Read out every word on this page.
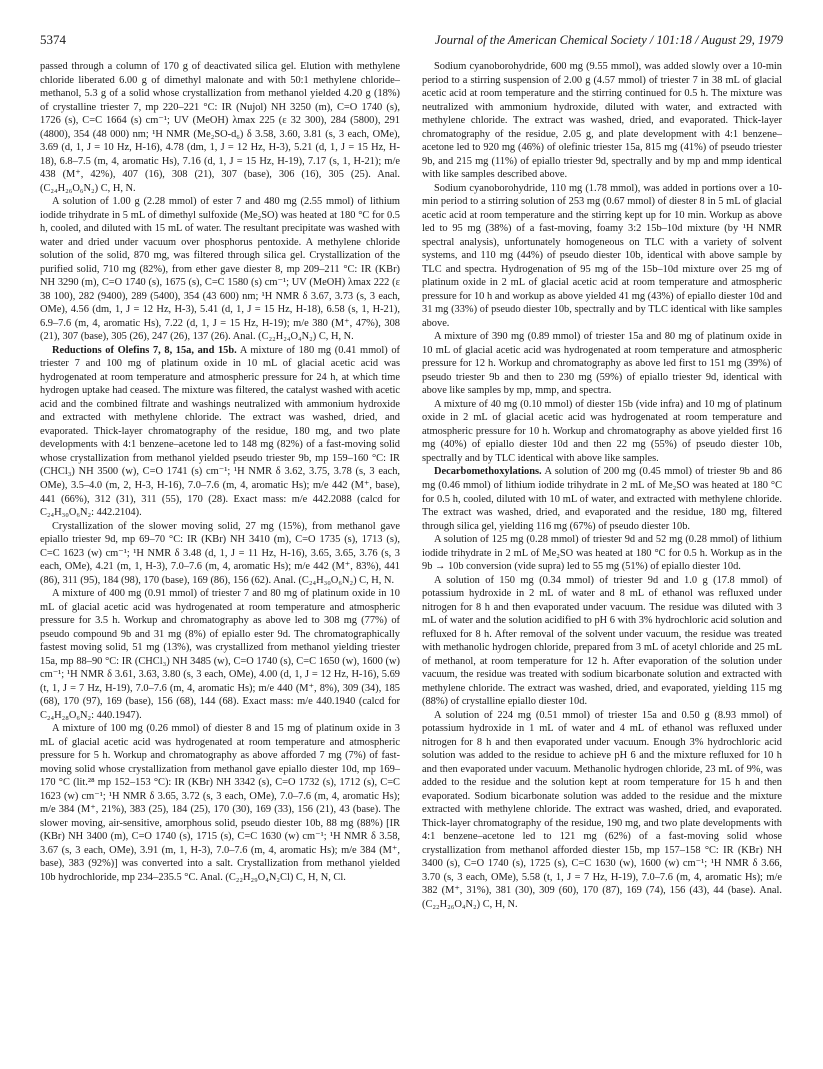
5374	Journal of the American Chemical Society / 101:18 / August 29, 1979

passed through a column of 170 g of deactivated silica gel. Elution with methylene chloride liberated 6.00 g of dimethyl malonate and with 50:1 methylene chloride–methanol, 5.3 g of a solid whose crystallization from methanol yielded 4.20 g (18%) of crystalline triester 7, mp 220–221 °C: IR (Nujol) NH 3250 (m), C=O 1740 (s), 1726 (s), C=C 1664 (s) cm⁻¹; UV (MeOH) λmax 225 (ε 32 300), 284 (5800), 291 (4800), 354 (48 000) nm; ¹H NMR (Me₂SO-d₆) δ 3.58, 3.60, 3.81 (s, 3 each, OMe), 3.69 (d, 1, J = 10 Hz, H-16), 4.78 (dm, 1, J = 12 Hz, H-3), 5.21 (d, 1, J = 15 Hz, H-18), 6.8–7.5 (m, 4, aromatic Hs), 7.16 (d, 1, J = 15 Hz, H-19), 7.17 (s, 1, H-21); m/e 438 (M⁺, 42%), 407 (16), 308 (21), 307 (base), 306 (16), 305 (25). Anal. (C₂₄H₂₆O₆N₂) C, H, N.

A solution of 1.00 g (2.28 mmol) of ester 7 and 480 mg (2.55 mmol) of lithium iodide trihydrate in 5 mL of dimethyl sulfoxide (Me₂SO) was heated at 180 °C for 0.5 h, cooled, and diluted with 15 mL of water. The resultant precipitate was washed with water and dried under vacuum over phosphorus pentoxide. A methylene chloride solution of the solid, 870 mg, was filtered through silica gel. Crystallization of the purified solid, 710 mg (82%), from ether gave diester 8, mp 209–211 °C: IR (KBr) NH 3290 (m), C=O 1740 (s), 1675 (s), C=C 1580 (s) cm⁻¹; UV (MeOH) λmax 222 (ε 38 100), 282 (9400), 289 (5400), 354 (43 600) nm; ¹H NMR δ 3.67, 3.73 (s, 3 each, OMe), 4.56 (dm, 1, J = 12 Hz, H-3), 5.41 (d, 1, J = 15 Hz, H-18), 6.58 (s, 1, H-21), 6.9–7.6 (m, 4, aromatic Hs), 7.22 (d, 1, J = 15 Hz, H-19); m/e 380 (M⁺, 47%), 308 (21), 307 (base), 305 (26), 247 (26), 137 (26). Anal. (C₂₂H₂₄O₄N₂) C, H, N.

Reductions of Olefins 7, 8, 15a, and 15b. A mixture of 180 mg (0.41 mmol) of triester 7 and 100 mg of platinum oxide in 10 mL of glacial acetic acid was hydrogenated at room temperature and atmospheric pressure for 24 h, at which time hydrogen uptake had ceased. The mixture was filtered, the catalyst washed with acetic acid and the combined filtrate and washings neutralized with ammonium hydroxide and extracted with methylene chloride. The extract was washed, dried, and evaporated. Thick-layer chromatography of the residue, 180 mg, and two plate developments with 4:1 benzene–acetone led to 148 mg (82%) of a fast-moving solid whose crystallization from methanol yielded pseudo triester 9b, mp 159–160 °C: IR (CHCl₃) NH 3500 (w), C=O 1741 (s) cm⁻¹; ¹H NMR δ 3.62, 3.75, 3.78 (s, 3 each, OMe), 3.5–4.0 (m, 2, H-3, H-16), 7.0–7.6 (m, 4, aromatic Hs); m/e 442 (M⁺, base), 441 (66%), 312 (31), 311 (55), 170 (28). Exact mass: m/e 442.2088 (calcd for C₂₄H₃₀O₆N₂: 442.2104).

Crystallization of the slower moving solid, 27 mg (15%), from methanol gave epiallo triester 9d, mp 69–70 °C: IR (KBr) NH 3410 (m), C=O 1735 (s), 1713 (s), C=C 1623 (w) cm⁻¹; ¹H NMR δ 3.48 (d, 1, J = 11 Hz, H-16), 3.65, 3.65, 3.76 (s, 3 each, OMe), 4.21 (m, 1, H-3), 7.0–7.6 (m, 4, aromatic Hs); m/e 442 (M⁺, 83%), 441 (86), 311 (95), 184 (98), 170 (base), 169 (86), 156 (62). Anal. (C₂₄H₃₀O₆N₂) C, H, N.

A mixture of 400 mg (0.91 mmol) of triester 7 and 80 mg of platinum oxide in 10 mL of glacial acetic acid was hydrogenated at room temperature and atmospheric pressure for 3.5 h. Workup and chromatography as above led to 308 mg (77%) of pseudo compound 9b and 31 mg (8%) of epiallo ester 9d. The chromatographically fastest moving solid, 51 mg (13%), was crystallized from methanol yielding triester 15a, mp 88–90 °C: IR (CHCl₃) NH 3485 (w), C=O 1740 (s), C=C 1650 (w), 1600 (w) cm⁻¹; ¹H NMR δ 3.61, 3.63, 3.80 (s, 3 each, OMe), 4.00 (d, 1, J = 12 Hz, H-16), 5.69 (t, 1, J = 7 Hz, H-19), 7.0–7.6 (m, 4, aromatic Hs); m/e 440 (M⁺, 8%), 309 (34), 185 (68), 170 (97), 169 (base), 156 (68), 144 (68). Exact mass: m/e 440.1940 (calcd for C₂₄H₂₈O₆N₂: 440.1947).

A mixture of 100 mg (0.26 mmol) of diester 8 and 15 mg of platinum oxide in 3 mL of glacial acetic acid was hydrogenated at room temperature and atmospheric pressure for 5 h. Workup and chromatography as above afforded 7 mg (7%) of fast-moving solid whose crystallization from methanol gave epiallo diester 10d, mp 169–170 °C (lit.²⁸ mp 152–153 °C): IR (KBr) NH 3342 (s), C=O 1732 (s), 1712 (s), C=C 1623 (w) cm⁻¹; ¹H NMR δ 3.65, 3.72 (s, 3 each, OMe), 7.0–7.6 (m, 4, aromatic Hs); m/e 384 (M⁺, 21%), 383 (25), 184 (25), 170 (30), 169 (33), 156 (21), 43 (base). The slower moving, air-sensitive, amorphous solid, pseudo diester 10b, 88 mg (88%) [IR (KBr) NH 3400 (m), C=O 1740 (s), 1715 (s), C=C 1630 (w) cm⁻¹; ¹H NMR δ 3.58, 3.67 (s, 3 each, OMe), 3.91 (m, 1, H-3), 7.0–7.6 (m, 4, aromatic Hs); m/e 384 (M⁺, base), 383 (92%)] was converted into a salt. Crystallization from methanol yielded 10b hydrochloride, mp 234–235.5 °C. Anal. (C₂₂H₂₉O₄N₂Cl) C, H, N, Cl.

Sodium cyanoborohydride, 600 mg (9.55 mmol), was added slowly over a 10-min period to a stirring suspension of 2.00 g (4.57 mmol) of triester 7 in 38 mL of glacial acetic acid at room temperature and the stirring continued for 0.5 h. The mixture was neutralized with ammonium hydroxide, diluted with water, and extracted with methylene chloride. The extract was washed, dried, and evaporated. Thick-layer chromatography of the residue, 2.05 g, and plate development with 4:1 benzene–acetone led to 920 mg (46%) of olefinic triester 15a, 815 mg (41%) of pseudo triester 9b, and 215 mg (11%) of epiallo triester 9d, spectrally and by mp and mmp identical with like samples described above.

Sodium cyanoborohydride, 110 mg (1.78 mmol), was added in portions over a 10-min period to a stirring solution of 253 mg (0.67 mmol) of diester 8 in 5 mL of glacial acetic acid at room temperature and the stirring kept up for 10 min. Workup as above led to 95 mg (38%) of a fast-moving, foamy 3:2 15b–10d mixture (by ¹H NMR spectral analysis), unfortunately homogeneous on TLC with a variety of solvent systems, and 110 mg (44%) of pseudo diester 10b, identical with above sample by TLC and spectra. Hydrogenation of 95 mg of the 15b–10d mixture over 25 mg of platinum oxide in 2 mL of glacial acetic acid at room temperature and atmospheric pressure for 10 h and workup as above yielded 41 mg (43%) of epiallo diester 10d and 31 mg (33%) of pseudo diester 10b, spectrally and by TLC identical with like samples above.

A mixture of 390 mg (0.89 mmol) of triester 15a and 80 mg of platinum oxide in 10 mL of glacial acetic acid was hydrogenated at room temperature and atmospheric pressure for 12 h. Workup and chromatography as above led first to 151 mg (39%) of pseudo triester 9b and then to 230 mg (59%) of epiallo triester 9d, identical with above like samples by mp, mmp, and spectra.

A mixture of 40 mg (0.10 mmol) of diester 15b (vide infra) and 10 mg of platinum oxide in 2 mL of glacial acetic acid was hydrogenated at room temperature and atmospheric pressure for 10 h. Workup and chromatography as above yielded first 16 mg (40%) of epiallo diester 10d and then 22 mg (55%) of pseudo diester 10b, spectrally and by TLC identical with above like samples.

Decarbomethoxylations. A solution of 200 mg (0.45 mmol) of triester 9b and 86 mg (0.46 mmol) of lithium iodide trihydrate in 2 mL of Me₂SO was heated at 180 °C for 0.5 h, cooled, diluted with 10 mL of water, and extracted with methylene chloride. The extract was washed, dried, and evaporated and the residue, 180 mg, filtered through silica gel, yielding 116 mg (67%) of pseudo diester 10b.

A solution of 125 mg (0.28 mmol) of triester 9d and 52 mg (0.28 mmol) of lithium iodide trihydrate in 2 mL of Me₂SO was heated at 180 °C for 0.5 h. Workup as in the 9b → 10b conversion (vide supra) led to 55 mg (51%) of epiallo diester 10d.

A solution of 150 mg (0.34 mmol) of triester 9d and 1.0 g (17.8 mmol) of potassium hydroxide in 2 mL of water and 8 mL of ethanol was refluxed under nitrogen for 8 h and then evaporated under vacuum. The residue was diluted with 3 mL of water and the solution acidified to pH 6 with 3% hydrochloric acid solution and refluxed for 8 h. After removal of the solvent under vacuum, the residue was treated with methanolic hydrogen chloride, prepared from 3 mL of acetyl chloride and 25 mL of methanol, at room temperature for 12 h. After evaporation of the solution under vacuum, the residue was treated with sodium bicarbonate solution and extracted with methylene chloride. The extract was washed, dried, and evaporated, yielding 115 mg (88%) of crystalline epiallo diester 10d.

A solution of 224 mg (0.51 mmol) of triester 15a and 0.50 g (8.93 mmol) of potassium hydroxide in 1 mL of water and 4 mL of ethanol was refluxed under nitrogen for 8 h and then evaporated under vacuum. Enough 3% hydrochloric acid solution was added to the residue to achieve pH 6 and the mixture refluxed for 10 h and then evaporated under vacuum. Methanolic hydrogen chloride, 23 mL of 9%, was added to the residue and the solution kept at room temperature for 15 h and then evaporated. Sodium bicarbonate solution was added to the residue and the mixture extracted with methylene chloride. The extract was washed, dried, and evaporated. Thick-layer chromatography of the residue, 190 mg, and two plate developments with 4:1 benzene–acetone led to 121 mg (62%) of a fast-moving solid whose crystallization from methanol afforded diester 15b, mp 157–158 °C: IR (KBr) NH 3400 (s), C=O 1740 (s), 1725 (s), C=C 1630 (w), 1600 (w) cm⁻¹; ¹H NMR δ 3.66, 3.70 (s, 3 each, OMe), 5.58 (t, 1, J = 7 Hz, H-19), 7.0–7.6 (m, 4, aromatic Hs); m/e 382 (M⁺, 31%), 381 (30), 309 (60), 170 (87), 169 (74), 156 (43), 44 (base). Anal. (C₂₂H₂₆O₄N₂) C, H, N.
